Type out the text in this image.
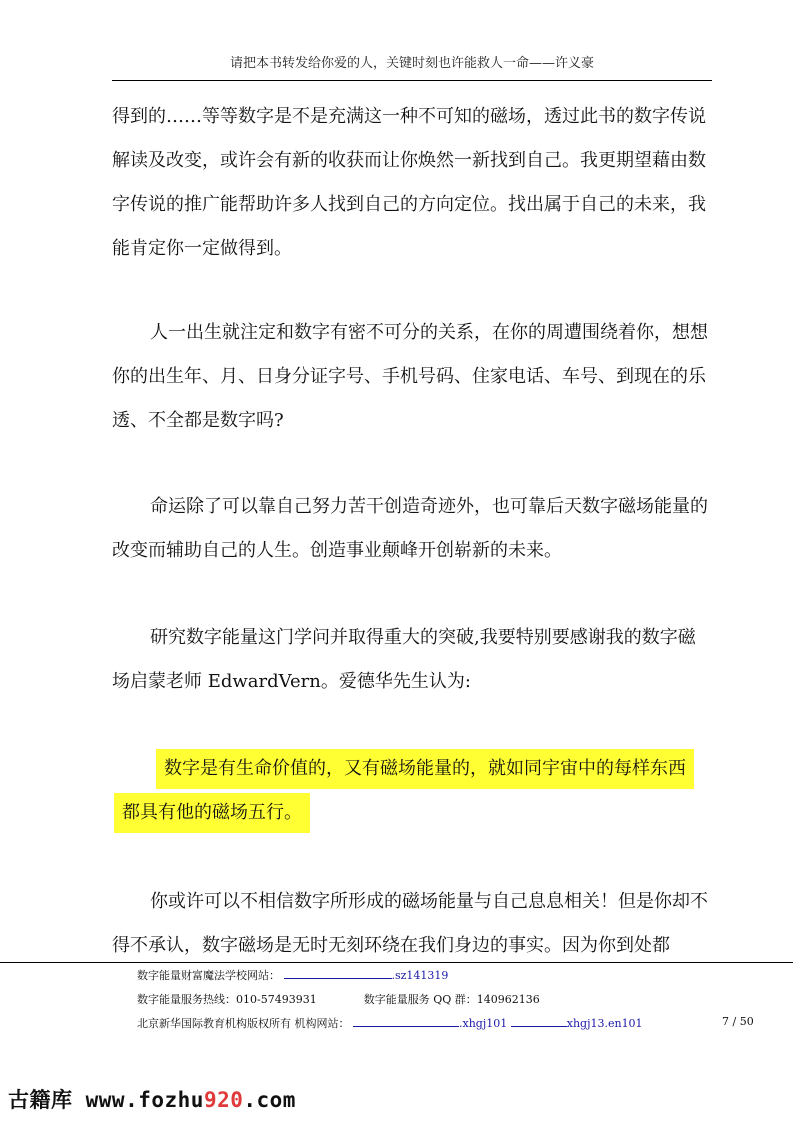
请把本书转发给你爱的人，关键时刻也许能救人一命——许义豪

得到的……等等数字是不是充满这一种不可知的磁场，透过此书的数字传说解读及改变，或许会有新的收获而让你焕然一新找到自己。我更期望藉由数字传说的推广能帮助许多人找到自己的方向定位。找出属于自己的未来，我能肯定你一定做得到。

人一出生就注定和数字有密不可分的关系，在你的周遭围绕着你，想想你的出生年、月、日身分证字号、手机号码、住家电话、车号、到现在的乐透、不全都是数字吗?

命运除了可以靠自己努力苦干创造奇迹外，也可靠后天数字磁场能量的改变而辅助自己的人生。创造事业颠峰开创崭新的未来。

研究数字能量这门学问并取得重大的突破,我要特别要感谢我的数字磁场启蒙老师 EdwardVern。爱德华先生认为:

数字是有生命价值的，又有磁场能量的，就如同宇宙中的每样东西
都具有他的磁场五行。

你或许可以不相信数字所形成的磁场能量与自己息息相关！但是你却不得不承认，数字磁场是无时无刻环绕在我们身边的事实。因为你到处都

数字能量财富魔法学校网站：	.sz141319
数字能量服务热线：010-57493931	数字能量服务 QQ 群：140962136
北京新华国际教育机构版权所有 机构网站：	.xhgj101	xhgj13.en101	7 / 50
古籍库 www.fozhu920.com
